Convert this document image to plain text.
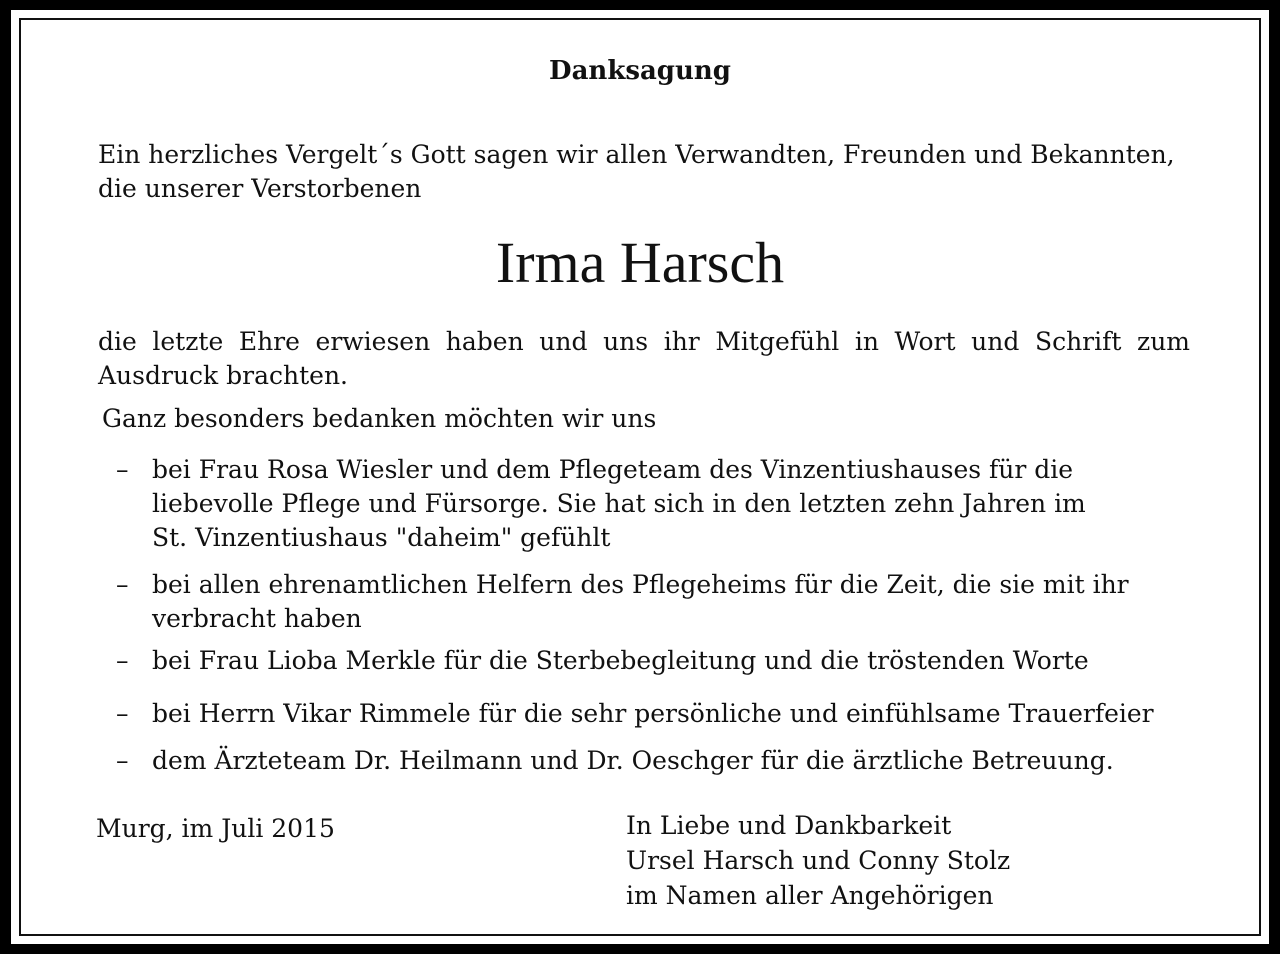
Danksagung
Ein herzliches Vergelt´s Gott sagen wir allen Verwandten, Freunden und Bekannten,
die unserer Verstorbenen
Irma Harsch
die letzte Ehre erwiesen haben und uns ihr Mitgefühl in Wort und Schrift zum
Ausdruck brachten.
Ganz besonders bedanken möchten wir uns
– bei Frau Rosa Wiesler und dem Pflegeteam des Vinzentiushauses für die
liebevolle Pflege und Fürsorge. Sie hat sich in den letzten zehn Jahren im
St. Vinzentiushaus "daheim" gefühlt
– bei allen ehrenamtlichen Helfern des Pflegeheims für die Zeit, die sie mit ihr
verbracht haben
– bei Frau Lioba Merkle für die Sterbebegleitung und die tröstenden Worte
– bei Herrn Vikar Rimmele für die sehr persönliche und einfühlsame Trauerfeier
– dem Ärzteteam Dr. Heilmann und Dr. Oeschger für die ärztliche Betreuung.
Murg, im Juli 2015	In Liebe und Dankbarkeit
Ursel Harsch und Conny Stolz
im Namen aller Angehörigen
